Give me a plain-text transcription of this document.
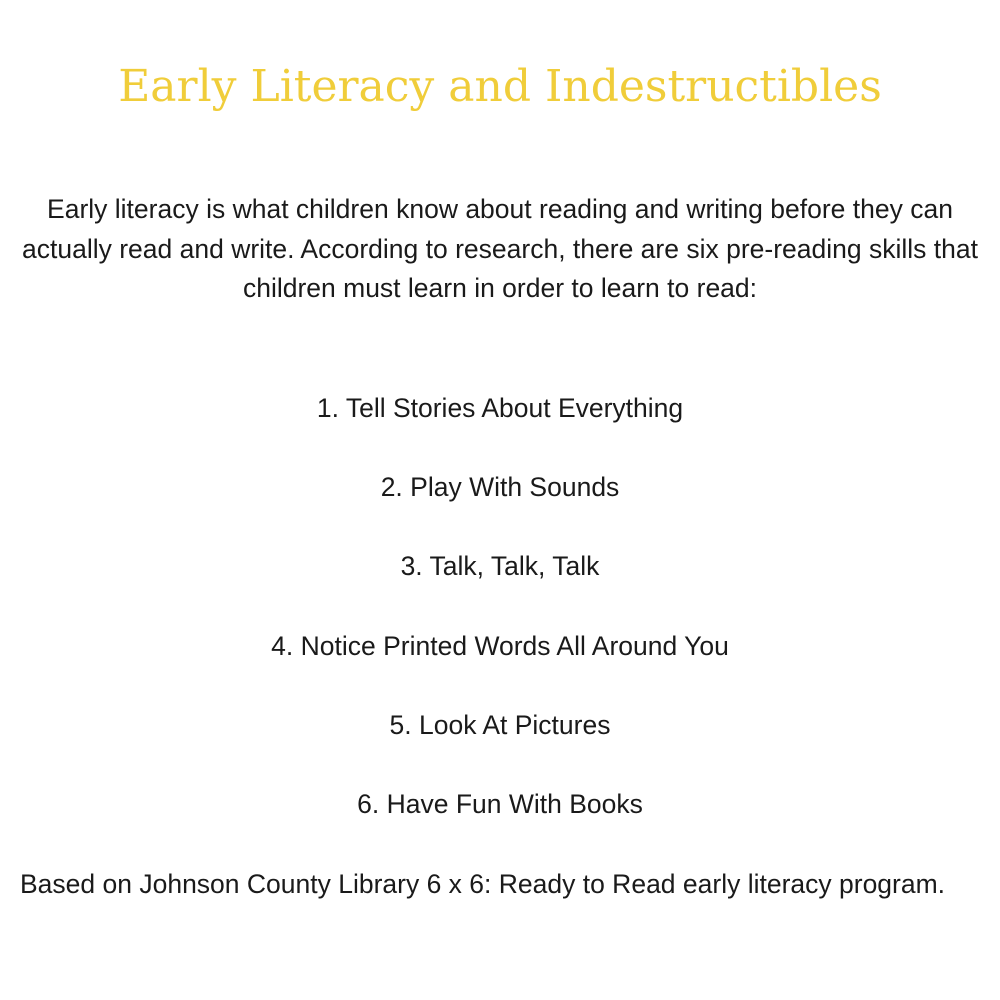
Early Literacy and Indestructibles

Early literacy is what children know about reading and writing before they can actually read and write. According to research, there are six pre-reading skills that children must learn in order to learn to read:

1. Tell Stories About Everything
2. Play With Sounds
3. Talk, Talk, Talk
4. Notice Printed Words All Around You
5. Look At Pictures
6. Have Fun With Books

Based on Johnson County Library 6 x 6: Ready to Read early literacy program.
